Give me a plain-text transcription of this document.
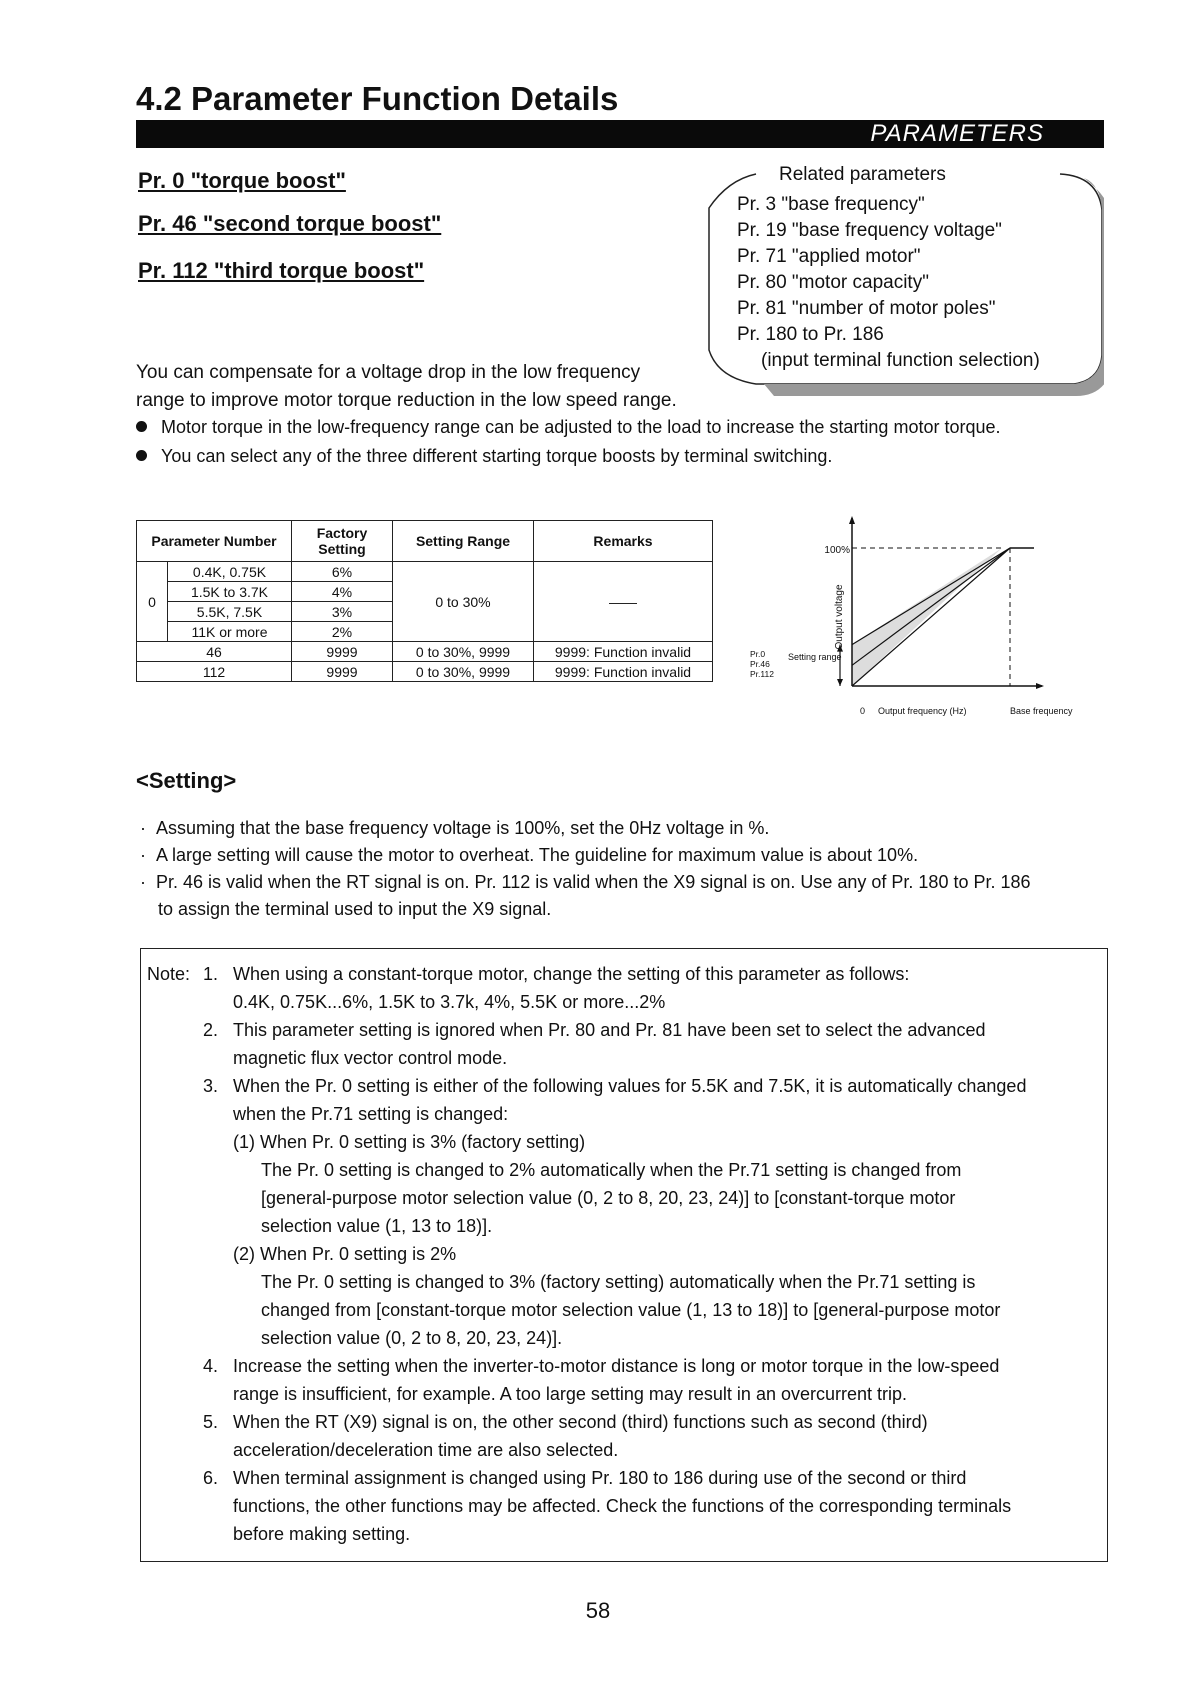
4.2 Parameter Function Details
PARAMETERS
Pr. 0 "torque boost"
Pr. 46 "second torque boost"
Pr. 112 "third torque boost"
Related parameters
Pr. 3 "base frequency"
Pr. 19 "base frequency voltage"
Pr. 71 "applied motor"
Pr. 80 "motor capacity"
Pr. 81 "number of motor poles"
Pr. 180 to Pr. 186
(input terminal function selection)
You can compensate for a voltage drop in the low frequency
range to improve motor torque reduction in the low speed range.
Motor torque in the low-frequency range can be adjusted to the load to increase the starting motor torque.
You can select any of the three different starting torque boosts by terminal switching.
Parameter Number		Factory Setting	Setting Range	Remarks
0	0.4K, 0.75K	6%	0 to 30%	——
	1.5K to 3.7K	4%		
	5.5K, 7.5K	3%		
	11K or more	2%		
46		9999	0 to 30%, 9999	9999: Function invalid
112		9999	0 to 30%, 9999	9999: Function invalid
100%
Output voltage
Setting range
Pr.0
Pr.46
Pr.112
0 Output frequency (Hz)	Base frequency
<Setting>
·  Assuming that the base frequency voltage is 100%, set the 0Hz voltage in %.
·  A large setting will cause the motor to overheat. The guideline for maximum value is about 10%.
·  Pr. 46 is valid when the RT signal is on. Pr. 112 is valid when the X9 signal is on. Use any of Pr. 180 to Pr. 186
to assign the terminal used to input the X9 signal.
Note: 1. When using a constant-torque motor, change the setting of this parameter as follows:
0.4K, 0.75K...6%, 1.5K to 3.7k, 4%, 5.5K or more...2%
2. This parameter setting is ignored when Pr. 80 and Pr. 81 have been set to select the advanced
magnetic flux vector control mode.
3. When the Pr. 0 setting is either of the following values for 5.5K and 7.5K, it is automatically changed
when the Pr.71 setting is changed:
(1) When Pr. 0 setting is 3% (factory setting)
The Pr. 0 setting is changed to 2% automatically when the Pr.71 setting is changed from
[general-purpose motor selection value (0, 2 to 8, 20, 23, 24)] to [constant-torque motor
selection value (1, 13 to 18)].
(2) When Pr. 0 setting is 2%
The Pr. 0 setting is changed to 3% (factory setting) automatically when the Pr.71 setting is
changed from [constant-torque motor selection value (1, 13 to 18)] to [general-purpose motor
selection value (0, 2 to 8, 20, 23, 24)].
4. Increase the setting when the inverter-to-motor distance is long or motor torque in the low-speed
range is insufficient, for example. A too large setting may result in an overcurrent trip.
5. When the RT (X9) signal is on, the other second (third) functions such as second (third)
acceleration/deceleration time are also selected.
6. When terminal assignment is changed using Pr. 180 to 186 during use of the second or third
functions, the other functions may be affected. Check the functions of the corresponding terminals
before making setting.
58
